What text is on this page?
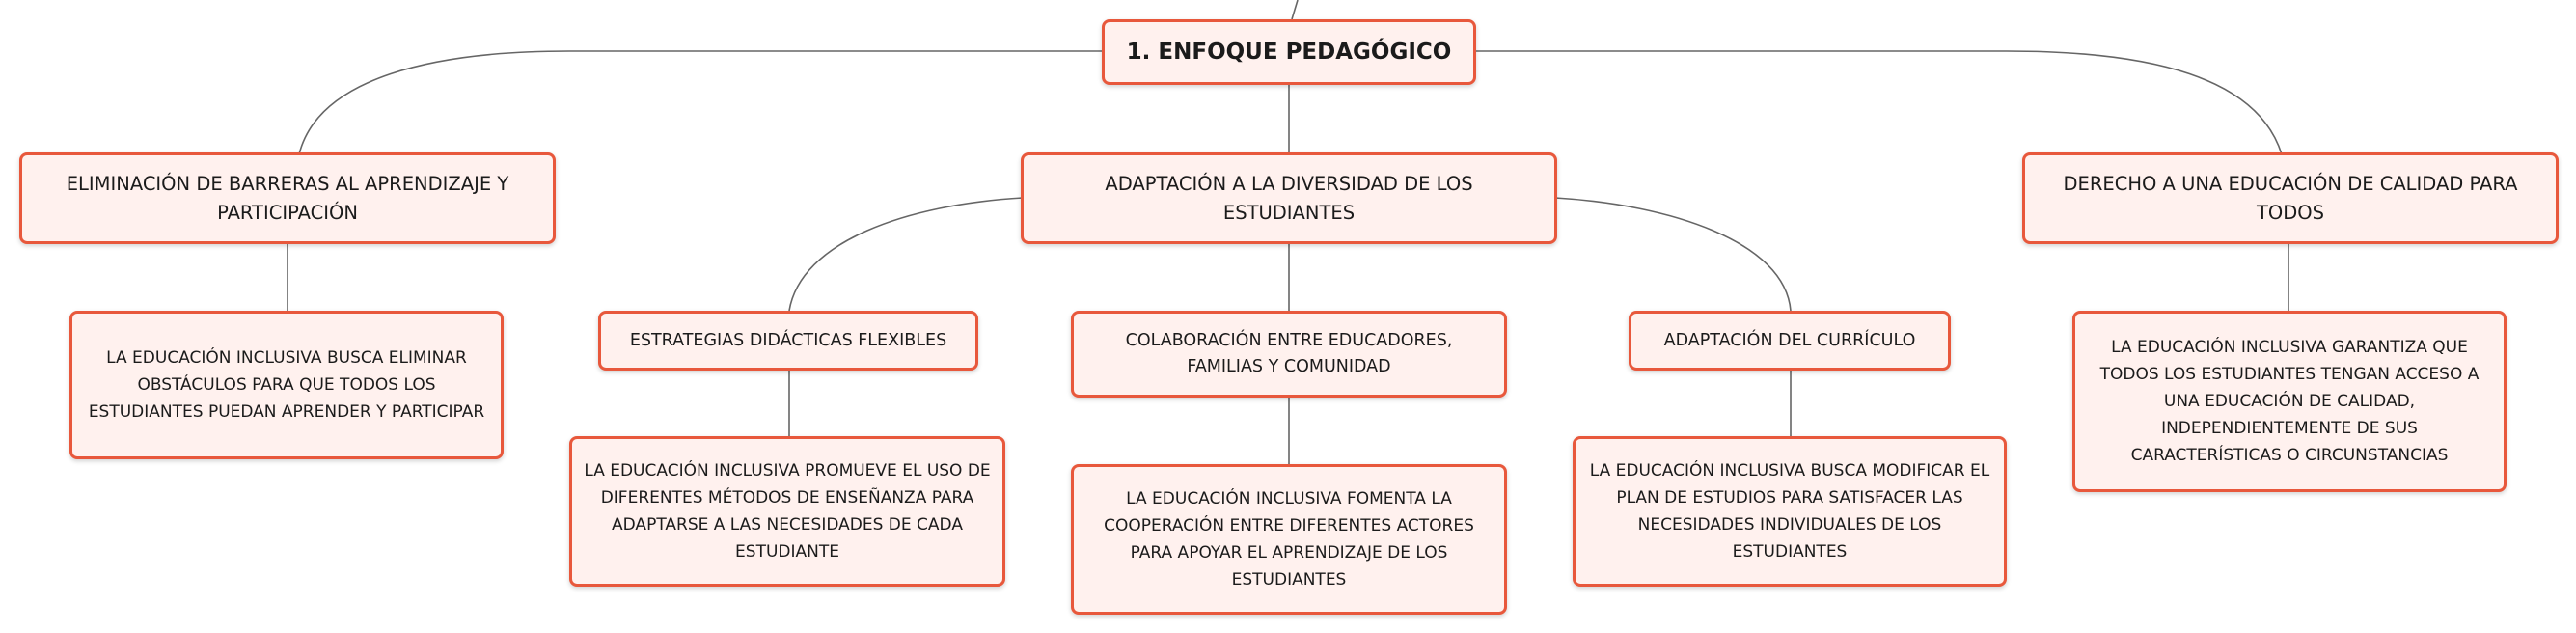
1. ENFOQUE PEDAGÓGICO
ELIMINACIÓN DE BARRERAS AL APRENDIZAJE Y PARTICIPACIÓN
ADAPTACIÓN A LA DIVERSIDAD DE LOS ESTUDIANTES
DERECHO A UNA EDUCACIÓN DE CALIDAD PARA TODOS
LA EDUCACIÓN INCLUSIVA BUSCA ELIMINAR OBSTÁCULOS PARA QUE TODOS LOS ESTUDIANTES PUEDAN APRENDER Y PARTICIPAR
ESTRATEGIAS DIDÁCTICAS FLEXIBLES	COLABORACIÓN ENTRE EDUCADORES, FAMILIAS Y COMUNIDAD
ADAPTACIÓN DEL CURRÍCULO	LA EDUCACIÓN INCLUSIVA GARANTIZA QUE TODOS LOS ESTUDIANTES TENGAN ACCESO A UNA EDUCACIÓN DE CALIDAD, INDEPENDIENTEMENTE DE SUS CARACTERÍSTICAS O CIRCUNSTANCIAS
LA EDUCACIÓN INCLUSIVA PROMUEVE EL USO DE DIFERENTES MÉTODOS DE ENSEÑANZA PARA ADAPTARSE A LAS NECESIDADES DE CADA ESTUDIANTE
LA EDUCACIÓN INCLUSIVA FOMENTA LA COOPERACIÓN ENTRE DIFERENTES ACTORES PARA APOYAR EL APRENDIZAJE DE LOS ESTUDIANTES
LA EDUCACIÓN INCLUSIVA BUSCA MODIFICAR EL PLAN DE ESTUDIOS PARA SATISFACER LAS NECESIDADES INDIVIDUALES DE LOS ESTUDIANTES
